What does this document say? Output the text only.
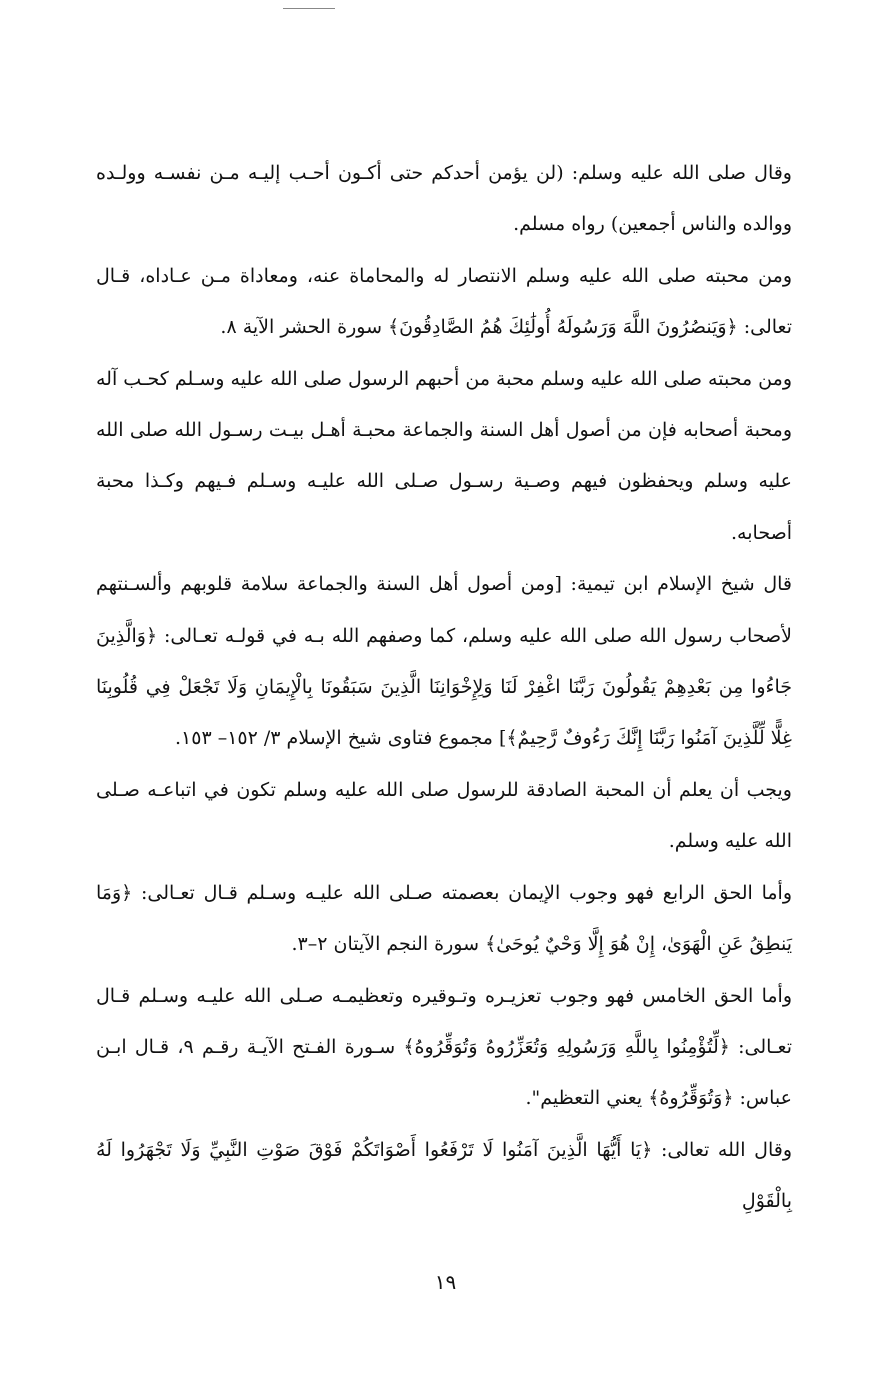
وقال صلى الله عليه وسلم: (لن يؤمن أحدكم حتى أكـون أحـب إليـه مـن نفسـه وولـده ووالده والناس أجمعين) رواه مسلم.

ومن محبته صلى الله عليه وسلم الانتصار له والمحاماة عنه، ومعاداة مـن عـاداه، قـال تعالى: ﴿وَيَنصُرُونَ اللَّهَ وَرَسُولَهُ أُولَٰئِكَ هُمُ الصَّادِقُونَ﴾ سورة الحشر الآية ٨.

ومن محبته صلى الله عليه وسلم محبة من أحبهم الرسول صلى الله عليه وسـلم كحـب آله ومحبة أصحابه فإن من أصول أهل السنة والجماعة محبـة أهـل بيـت رسـول الله صلى الله عليه وسلم ويحفظون فيهم وصـية رسـول صـلى الله عليـه وسـلم فـيهم وكـذا محبة أصحابه.

قال شيخ الإسلام ابن تيمية: [ومن أصول أهل السنة والجماعة سلامة قلوبهم وألسـنتهم لأصحاب رسول الله صلى الله عليه وسلم، كما وصفهم الله بـه في قولـه تعـالى: ﴿وَالَّذِينَ جَاءُوا مِن بَعْدِهِمْ يَقُولُونَ رَبَّنَا اغْفِرْ لَنَا وَلِإِخْوَانِنَا الَّذِينَ سَبَقُونَا بِالْإِيمَانِ وَلَا تَجْعَلْ فِي قُلُوبِنَا غِلًّا لِّلَّذِينَ آمَنُوا رَبَّنَا إِنَّكَ رَءُوفٌ رَّحِيمٌ﴾] مجموع فتاوى شيخ الإسلام ٣/ ١٥٢– ١٥٣.

ويجب أن يعلم أن المحبة الصادقة للرسول صلى الله عليه وسلم تكون في اتباعـه صـلى الله عليه وسلم.

وأما الحق الرابع فهو وجوب الإيمان بعصمته صـلى الله عليـه وسـلم قـال تعـالى: ﴿وَمَا يَنطِقُ عَنِ الْهَوَىٰ، إِنْ هُوَ إِلَّا وَحْيٌ يُوحَىٰ﴾ سورة النجم الآيتان ٢–٣.

وأما الحق الخامس فهو وجوب تعزيـره وتـوقيره وتعظيمـه صـلى الله عليـه وسـلم قـال تعـالى: ﴿لِّتُؤْمِنُوا بِاللَّهِ وَرَسُولِهِ وَتُعَزِّرُوهُ وَتُوَقِّرُوهُ﴾ سـورة الفـتح الآيـة رقـم ٩، قـال ابـن عباس: ﴿وَتُوَقِّرُوهُ﴾ يعني التعظيم".

وقال الله تعالى: ﴿يَا أَيُّهَا الَّذِينَ آمَنُوا لَا تَرْفَعُوا أَصْوَاتَكُمْ فَوْقَ صَوْتِ النَّبِيِّ وَلَا تَجْهَرُوا لَهُ بِالْقَوْلِ

١٩
